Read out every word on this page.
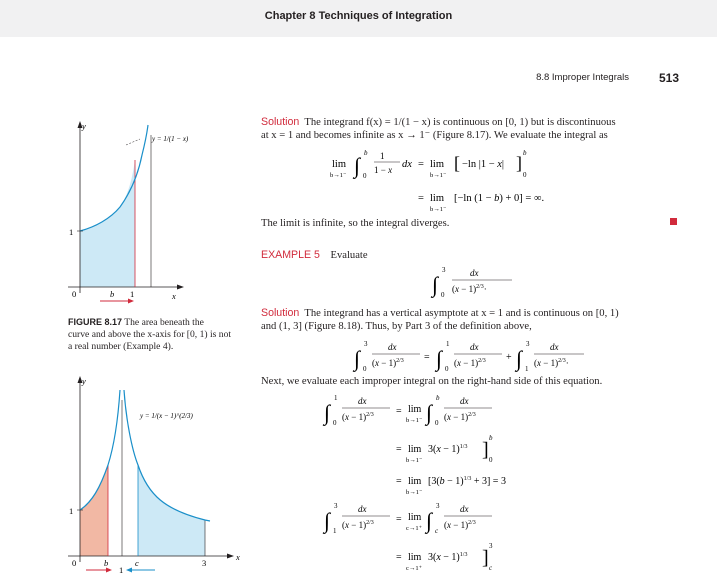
Chapter 8 Techniques of Integration
8.8 Improper Integrals 513
1
y
x
0	b 1
y = 1/(1 − x)
FIGURE 8.17 The area beneath the
curve and above the x-axis for [0, 1) is not
a real number (Example 4).
1
y
x
0	b	c	3
y = 1/(x − 1)^(2/3)
1
Solution The integrand f(x) = 1/(1 − x) is continuous on [0, 1) but is discontinuous
at x = 1 and becomes infinite as x → 1⁻ (Figure 8.17). We evaluate the integral as
lim
b→1⁻ ∫ b
0
1
1 − x dx = lim
b→1⁻
[ −ln |1 − x| ] b
0
= lim
b→1⁻
[−ln (1 − b) + 0] = ∞.
The limit is infinite, so the integral diverges.
EXAMPLE 5 Evaluate
∫
3
0
dx
$(x - 1)^{2/3}\cdot$
Solution The integrand has a vertical asymptote at x = 1 and is continuous on [0, 1)
and (1, 3] (Figure 8.18). Thus, by Part 3 of the definition above,
∫
3
0
dx
$(x - 1)^{2/3}$ = ∫
1
0
dx
$(x - 1)^{2/3}$ + ∫
3
1
dx
$(x - 1)^{2/3}\cdot$
Next, we evaluate each improper integral on the right-hand side of this equation.
∫
1
0
dx
$(x - 1)^{2/3} = \lim$
b→1⁻ ∫
b
0
dx
$(x - 1)^{2/3}$
= lim
b→1⁻
$3(x - 1)^{1/3}$ ]
b
0
= lim
b→1⁻
$[3(b - 1)^{1/3} + 3] = 3$
∫
3
1
dx
$(x - 1)^{2/3} = \lim$
c→1⁺ ∫
3
c
dx
$(x - 1)^{2/3}$
= lim
c→1⁺
$3(x - 1)^{1/3}$ ]
3
c
